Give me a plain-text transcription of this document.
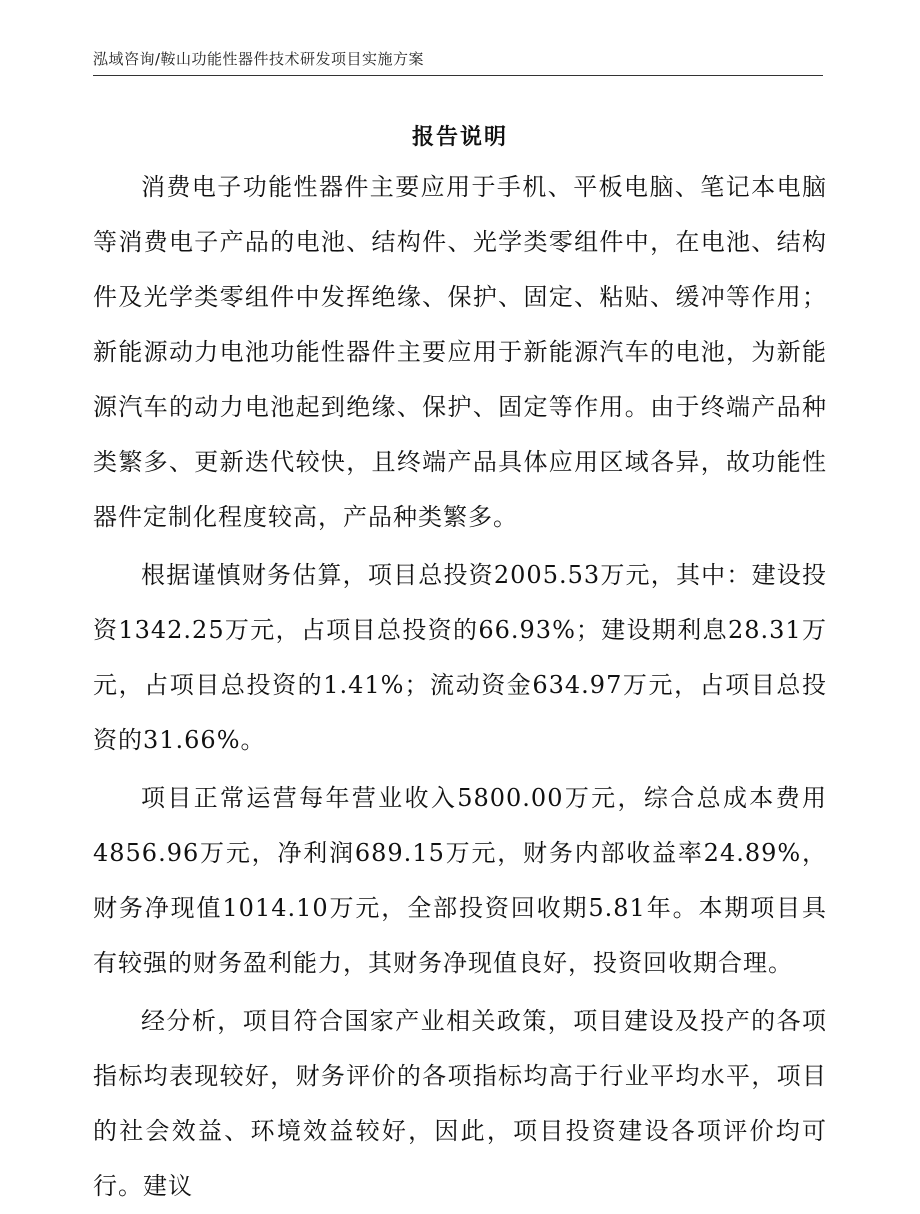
泓域咨询/鞍山功能性器件技术研发项目实施方案
报告说明

消费电子功能性器件主要应用于手机、平板电脑、笔记本电脑等消费电子产品的电池、结构件、光学类零组件中，在电池、结构件及光学类零组件中发挥绝缘、保护、固定、粘贴、缓冲等作用；新能源动力电池功能性器件主要应用于新能源汽车的电池，为新能源汽车的动力电池起到绝缘、保护、固定等作用。由于终端产品种类繁多、更新迭代较快，且终端产品具体应用区域各异，故功能性器件定制化程度较高，产品种类繁多。

根据谨慎财务估算，项目总投资2005.53万元，其中：建设投资1342.25万元，占项目总投资的66.93%；建设期利息28.31万元，占项目总投资的1.41%；流动资金634.97万元，占项目总投资的31.66%。

项目正常运营每年营业收入5800.00万元，综合总成本费用4856.96万元，净利润689.15万元，财务内部收益率24.89%，财务净现值1014.10万元，全部投资回收期5.81年。本期项目具有较强的财务盈利能力，其财务净现值良好，投资回收期合理。

经分析，项目符合国家产业相关政策，项目建设及投产的各项指标均表现较好，财务评价的各项指标均高于行业平均水平，项目的社会效益、环境效益较好，因此，项目投资建设各项评价均可行。建议
